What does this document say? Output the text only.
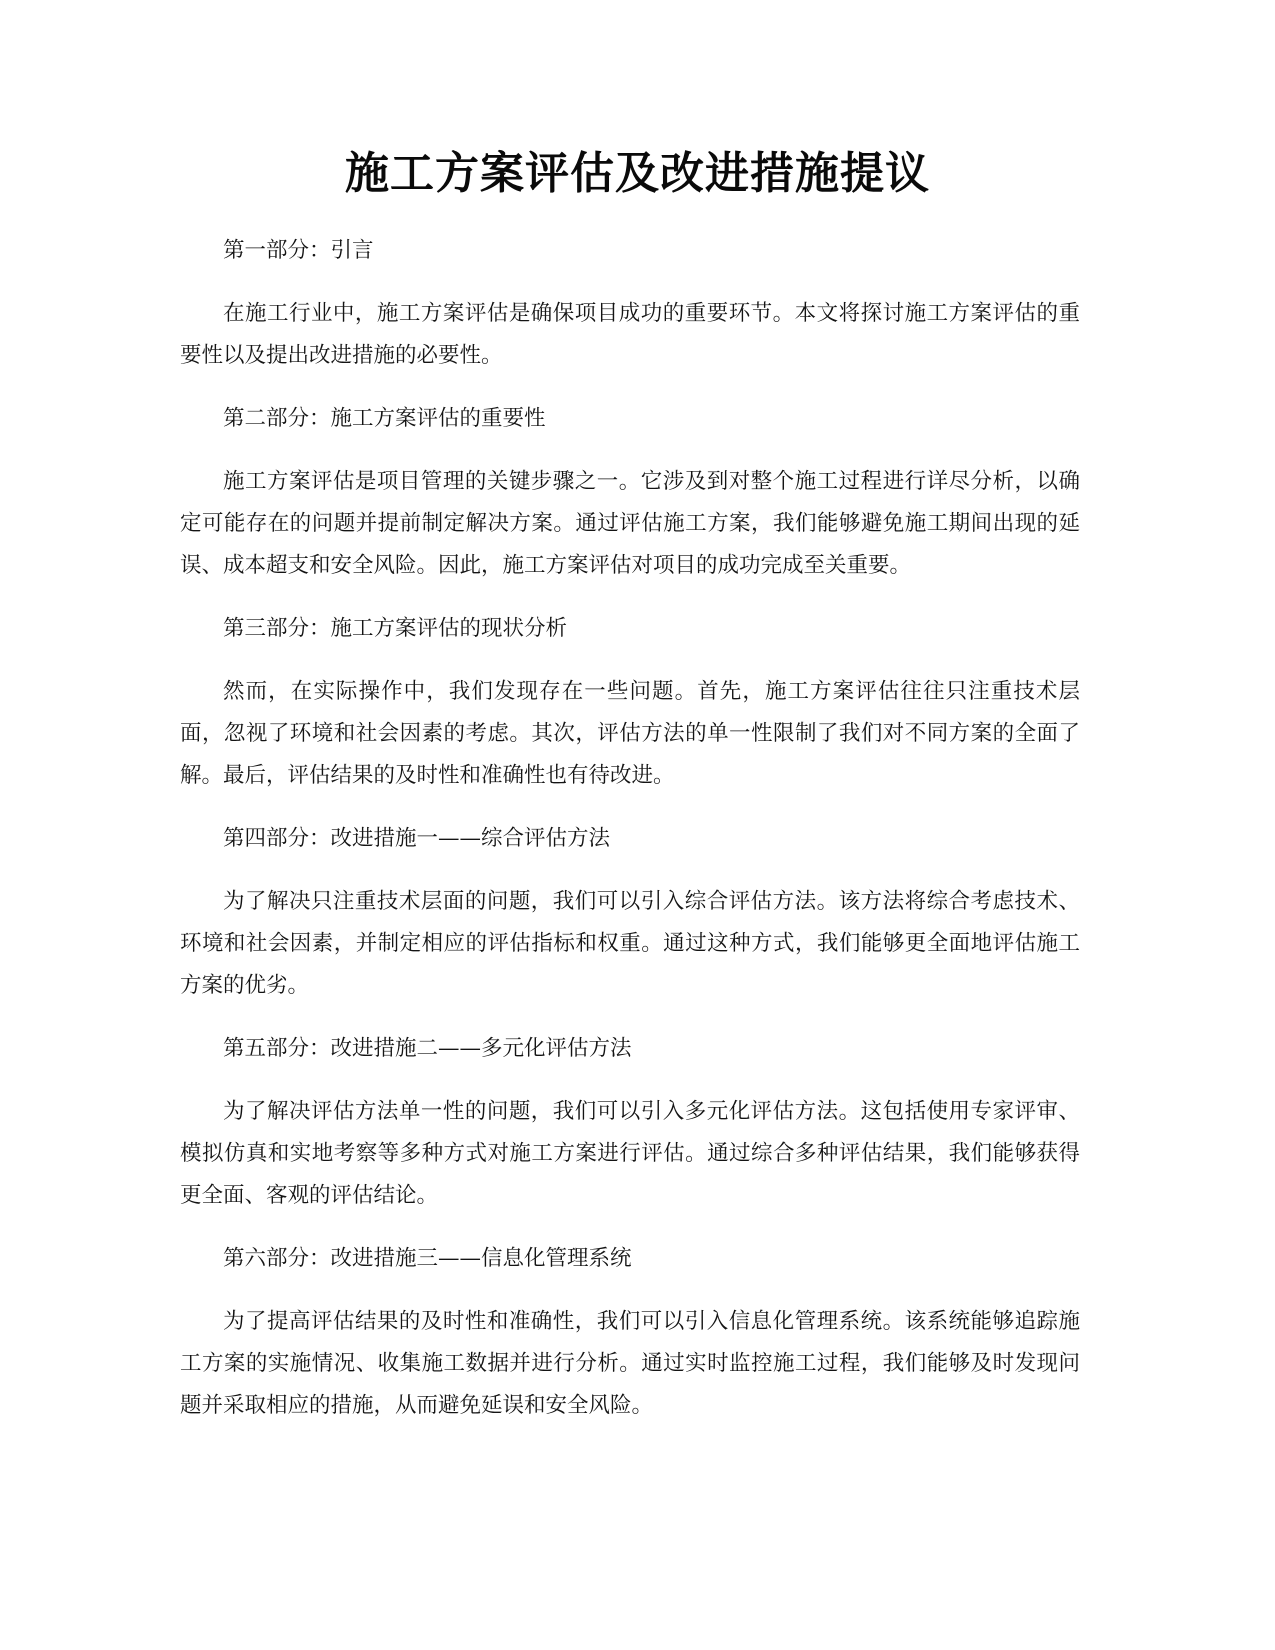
施工方案评估及改进措施提议

第一部分：引言

在施工行业中，施工方案评估是确保项目成功的重要环节。本文将探讨施工方案评估的重要性以及提出改进措施的必要性。

第二部分：施工方案评估的重要性

施工方案评估是项目管理的关键步骤之一。它涉及到对整个施工过程进行详尽分析，以确定可能存在的问题并提前制定解决方案。通过评估施工方案，我们能够避免施工期间出现的延误、成本超支和安全风险。因此，施工方案评估对项目的成功完成至关重要。

第三部分：施工方案评估的现状分析

然而，在实际操作中，我们发现存在一些问题。首先，施工方案评估往往只注重技术层面，忽视了环境和社会因素的考虑。其次，评估方法的单一性限制了我们对不同方案的全面了解。最后，评估结果的及时性和准确性也有待改进。

第四部分：改进措施一——综合评估方法

为了解决只注重技术层面的问题，我们可以引入综合评估方法。该方法将综合考虑技术、环境和社会因素，并制定相应的评估指标和权重。通过这种方式，我们能够更全面地评估施工方案的优劣。

第五部分：改进措施二——多元化评估方法

为了解决评估方法单一性的问题，我们可以引入多元化评估方法。这包括使用专家评审、模拟仿真和实地考察等多种方式对施工方案进行评估。通过综合多种评估结果，我们能够获得更全面、客观的评估结论。

第六部分：改进措施三——信息化管理系统

为了提高评估结果的及时性和准确性，我们可以引入信息化管理系统。该系统能够追踪施工方案的实施情况、收集施工数据并进行分析。通过实时监控施工过程，我们能够及时发现问题并采取相应的措施，从而避免延误和安全风险。
